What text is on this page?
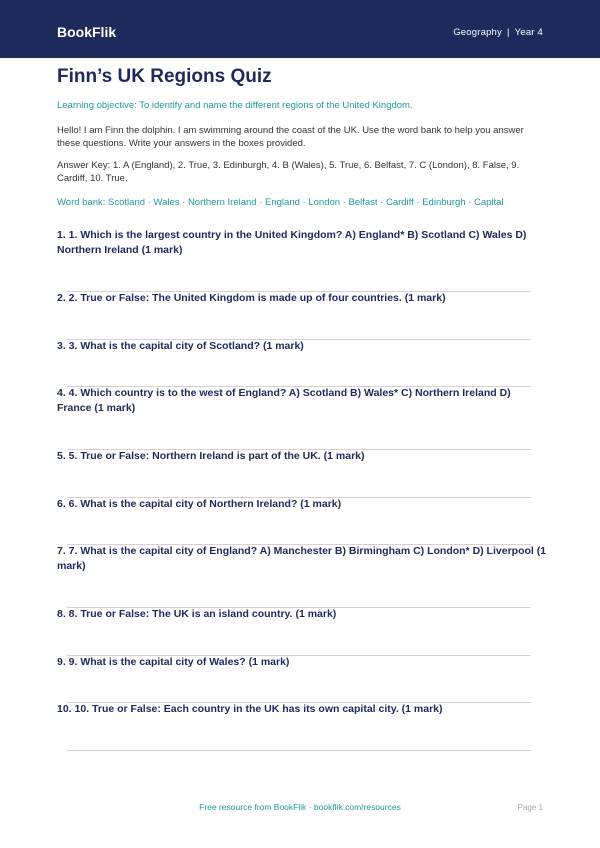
BookFlik	Geography | Year 4
Finn’s UK Regions Quiz
Learning objective: To identify and name the different regions of the United Kingdom.
Hello! I am Finn the dolphin. I am swimming around the coast of the UK. Use the word bank to help you answer these questions. Write your answers in the boxes provided.
Answer Key: 1. A (England), 2. True, 3. Edinburgh, 4. B (Wales), 5. True, 6. Belfast, 7. C (London), 8. False, 9. Cardiff, 10. True.
Word bank: Scotland · Wales · Northern Ireland · England · London · Belfast · Cardiff · Edinburgh · Capital
1. 1. Which is the largest country in the United Kingdom? A) England* B) Scotland C) Wales D) Northern Ireland (1 mark)
2. 2. True or False: The United Kingdom is made up of four countries. (1 mark)
3. 3. What is the capital city of Scotland? (1 mark)
4. 4. Which country is to the west of England? A) Scotland B) Wales* C) Northern Ireland D) France (1 mark)
5. 5. True or False: Northern Ireland is part of the UK. (1 mark)
6. 6. What is the capital city of Northern Ireland? (1 mark)
7. 7. What is the capital city of England? A) Manchester B) Birmingham C) London* D) Liverpool (1 mark)
8. 8. True or False: The UK is an island country. (1 mark)
9. 9. What is the capital city of Wales? (1 mark)
10. 10. True or False: Each country in the UK has its own capital city. (1 mark)
Free resource from BookFlik · bookflik.com/resources	Page 1
